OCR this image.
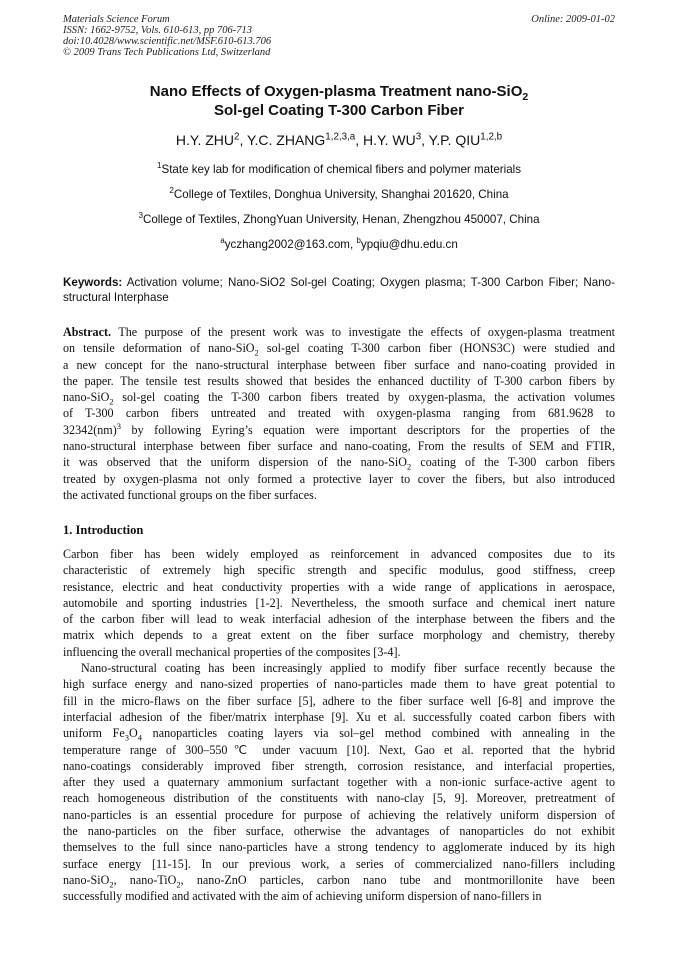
Materials Science Forum
ISSN: 1662-9752, Vols. 610-613, pp 706-713
doi:10.4028/www.scientific.net/MSF.610-613.706
© 2009 Trans Tech Publications Ltd, Switzerland
Online: 2009-01-02
Nano Effects of Oxygen-plasma Treatment nano-SiO$_2$
Sol-gel Coating T-300 Carbon Fiber
H.Y. ZHU$^2$, Y.C. ZHANG$^{1,2,3,a}$, H.Y. $WU^3$, Y.P. QIU$^{1,2,b}$
$^1$State key lab for modification of chemical fibers and polymer materials
$^2$College of Textiles, Donghua University, Shanghai 201620, China
$^3$College of Textiles, ZhongYuan University, Henan, Zhengzhou 450007, China
$^a$yczhang2002@163.com, $^b$ypqiu@dhu.edu.cn
Keywords: Activation volume; Nano-SiO2 Sol-gel Coating; Oxygen plasma; T-300 Carbon Fiber; Nano-structural Interphase
Abstract. The purpose of the present work was to investigate the effects of oxygen-plasma treatment
on tensile deformation of nano-SiO$_2$ sol-gel coating T-300 carbon fiber (HONS3C) were studied and
a new concept for the nano-structural interphase between fiber surface and nano-coating provided in
the paper. The tensile test results showed that besides the enhanced ductility of T-300 carbon fibers by
nano-SiO$_2$ sol-gel coating the T-300 carbon fibers treated by oxygen-plasma, the activation volumes
of T-300 carbon fibers untreated and treated with oxygen-plasma ranging from 681.9628 to
32342(nm)$^3$ by following Eyring’s equation were important descriptors for the properties of the
nano-structural interphase between fiber surface and nano-coating, From the results of SEM and FTIR,
it was observed that the uniform dispersion of the nano-SiO$_2$ coating of the T-300 carbon fibers
treated by oxygen-plasma not only formed a protective layer to cover the fibers, but also introduced
the activated functional groups on the fiber surfaces.
1. Introduction
Carbon fiber has been widely employed as reinforcement in advanced composites due to its
characteristic of extremely high specific strength and specific modulus, good stiffness, creep
resistance, electric and heat conductivity properties with a wide range of applications in aerospace,
automobile and sporting industries [1-2]. Nevertheless, the smooth surface and chemical inert nature
of the carbon fiber will lead to weak interfacial adhesion of the interphase between the fibers and the
matrix which depends to a great extent on the fiber surface morphology and chemistry, thereby
influencing the overall mechanical properties of the composites [3-4].
Nano-structural coating has been increasingly applied to modify fiber surface recently because the
high surface energy and nano-sized properties of nano-particles made them to have great potential to
fill in the micro-flaws on the fiber surface [5], adhere to the fiber surface well [6-8] and improve the
interfacial adhesion of the fiber/matrix interphase [9]. Xu et al. successfully coated carbon fibers with
uniform $Fe_3O_4$ nanoparticles coating layers via sol–gel method combined with annealing in the
temperature range of 300–550℃ under vacuum [10]. Next, Gao et al. reported that the hybrid
nano-coatings considerably improved fiber strength, corrosion resistance, and interfacial properties,
after they used a quaternary ammonium surfactant together with a non-ionic surface-active agent to
reach homogeneous distribution of the constituents with nano-clay [5, 9]. Moreover, pretreatment of
nano-particles is an essential procedure for purpose of achieving the relatively uniform dispersion of
the nano-particles on the fiber surface, otherwise the advantages of nanoparticles do not exhibit
themselves to the full since nano-particles have a strong tendency to agglomerate induced by its high
surface energy [11-15]. In our previous work, a series of commercialized nano-fillers including
nano-SiO$_2$, nano-TiO$_2$, nano-ZnO particles, carbon nano tube and montmorillonite have been
successfully modified and activated with the aim of achieving uniform dispersion of nano-fillers in
